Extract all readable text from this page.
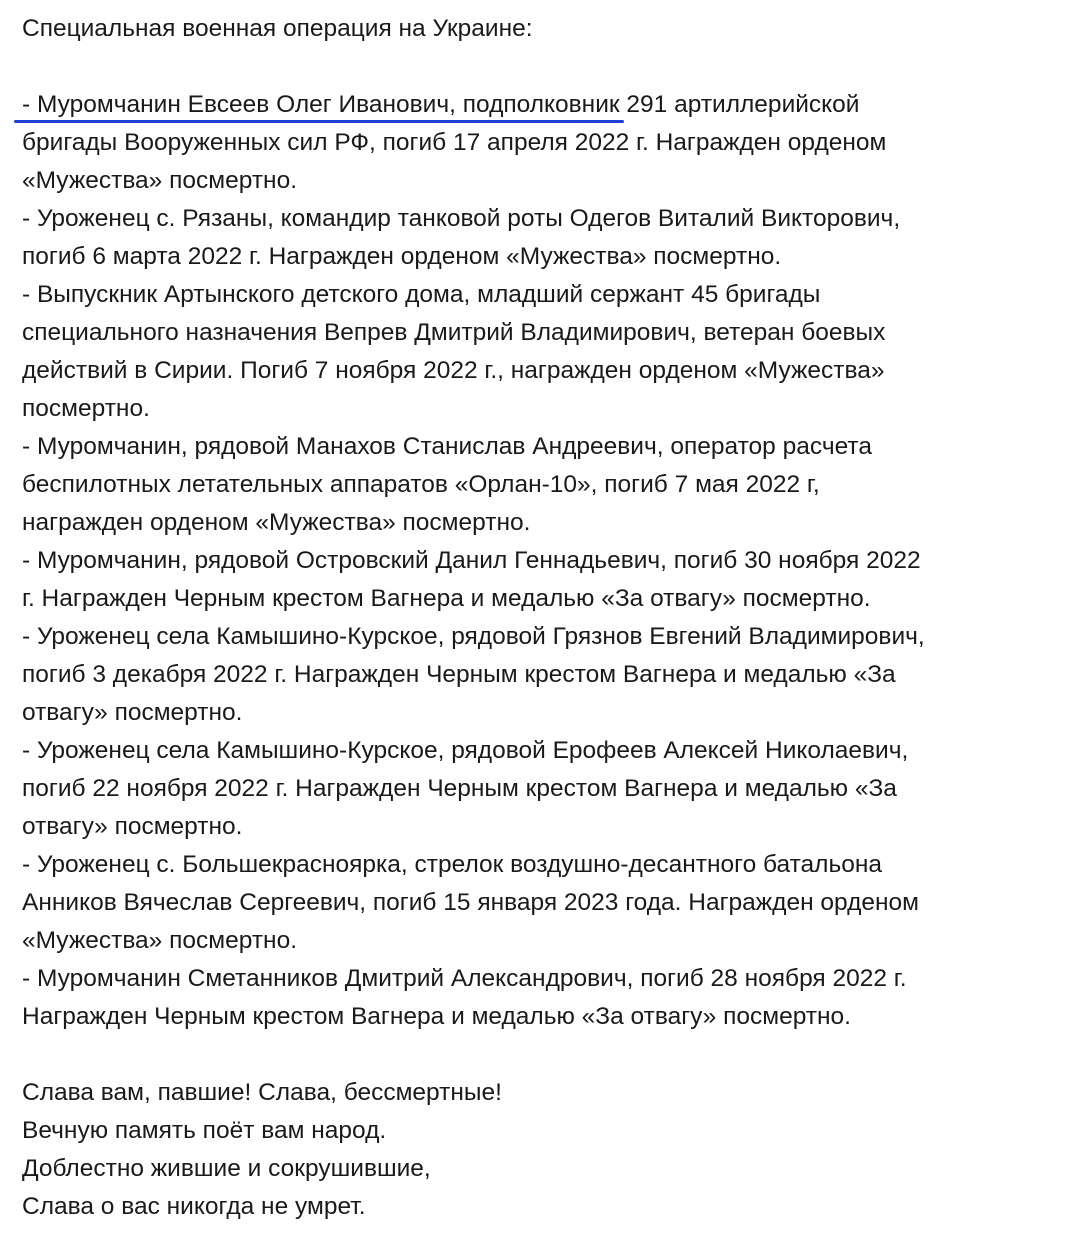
Специальная военная операция на Украине:
- Муромчанин Евсеев Олег Иванович, подполковник
291 артиллерийской
бригады Вооруженных сил РФ, погиб 17 апреля 2022 г. Награжден орденом
«Мужества» посмертно.
- Уроженец с. Рязаны, командир танковой роты Одегов Виталий Викторович,
погиб 6 марта 2022 г. Награжден орденом «Мужества» посмертно.
- Выпускник Артынского детского дома, младший сержант 45 бригады
специального назначения Вепрев Дмитрий Владимирович, ветеран боевых
действий в Сирии. Погиб 7 ноября 2022 г., награжден орденом «Мужества»
посмертно.
- Муромчанин, рядовой Манахов Станислав Андреевич, оператор расчета
беспилотных летательных аппаратов «Орлан-10», погиб 7 мая 2022 г,
награжден орденом «Мужества» посмертно.
- Муромчанин, рядовой Островский Данил Геннадьевич, погиб 30 ноября 2022
г. Награжден Черным крестом Вагнера и медалью «За отвагу» посмертно.
- Уроженец села Камышино-Курское, рядовой Грязнов Евгений Владимирович,
погиб 3 декабря 2022 г. Награжден Черным крестом Вагнера и медалью «За
отвагу» посмертно.
- Уроженец села Камышино-Курское, рядовой Ерофеев Алексей Николаевич,
погиб 22 ноября 2022 г. Награжден Черным крестом Вагнера и медалью «За
отвагу» посмертно.
- Уроженец с. Большекрасноярка, стрелок воздушно-десантного батальона
Анников Вячеслав Сергеевич, погиб 15 января 2023 года. Награжден орденом
«Мужества» посмертно.
- Муромчанин Сметанников Дмитрий Александрович, погиб 28 ноября 2022 г.
Награжден Черным крестом Вагнера и медалью «За отвагу» посмертно.
Слава вам, павшие! Слава, бессмертные!
Вечную память поёт вам народ.
Доблестно жившие и сокрушившие,
Слава о вас никогда не умрет.
